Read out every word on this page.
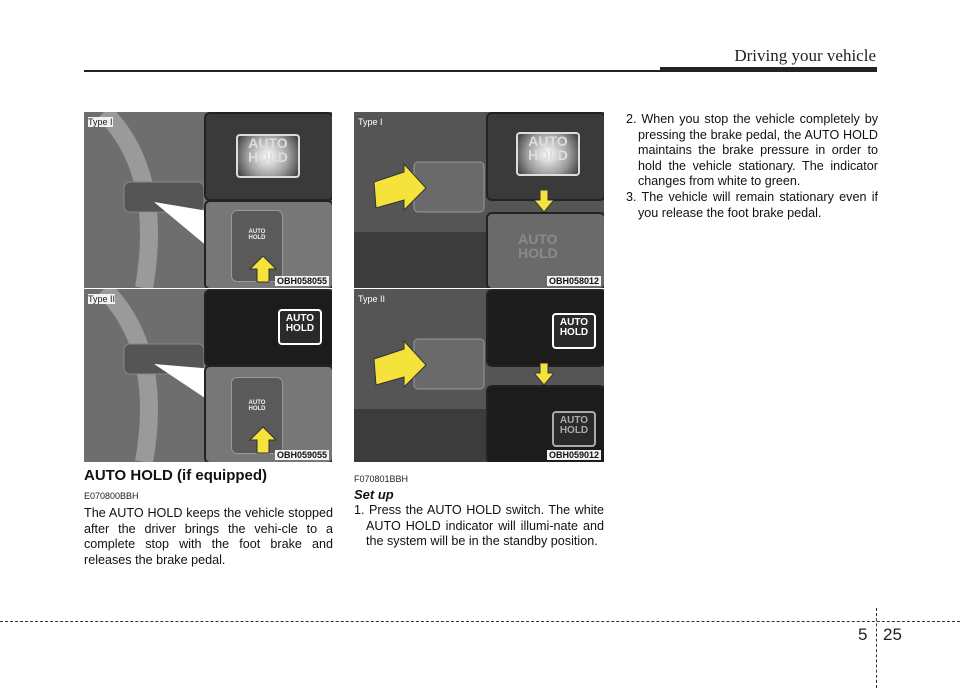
Driving your vehicle
AUTO
HOLD
AUTO
HOLD
Type I
OBH058055
AUTO
HOLD
AUTO
HOLD
Type II
OBH059055
AUTO
HOLD
AUTO
HOLD
Type I
OBH058012
AUTO
HOLD
AUTO
HOLD
Type II
OBH059012
AUTO HOLD (if equipped)
E070800BBH
The AUTO HOLD keeps the vehicle stopped after the driver brings the vehi-cle to a complete stop with the foot brake and releases the brake pedal.
F070801BBH
Set up
1. Press the AUTO HOLD switch. The white AUTO HOLD indicator will illumi-nate and the system will be in the standby position.
2. When you stop the vehicle completely by pressing the brake pedal, the AUTO HOLD maintains the brake pressure in order to hold the vehicle stationary. The indicator changes from white to green.
3. The vehicle will remain stationary even if you release the foot brake pedal.
5 25
